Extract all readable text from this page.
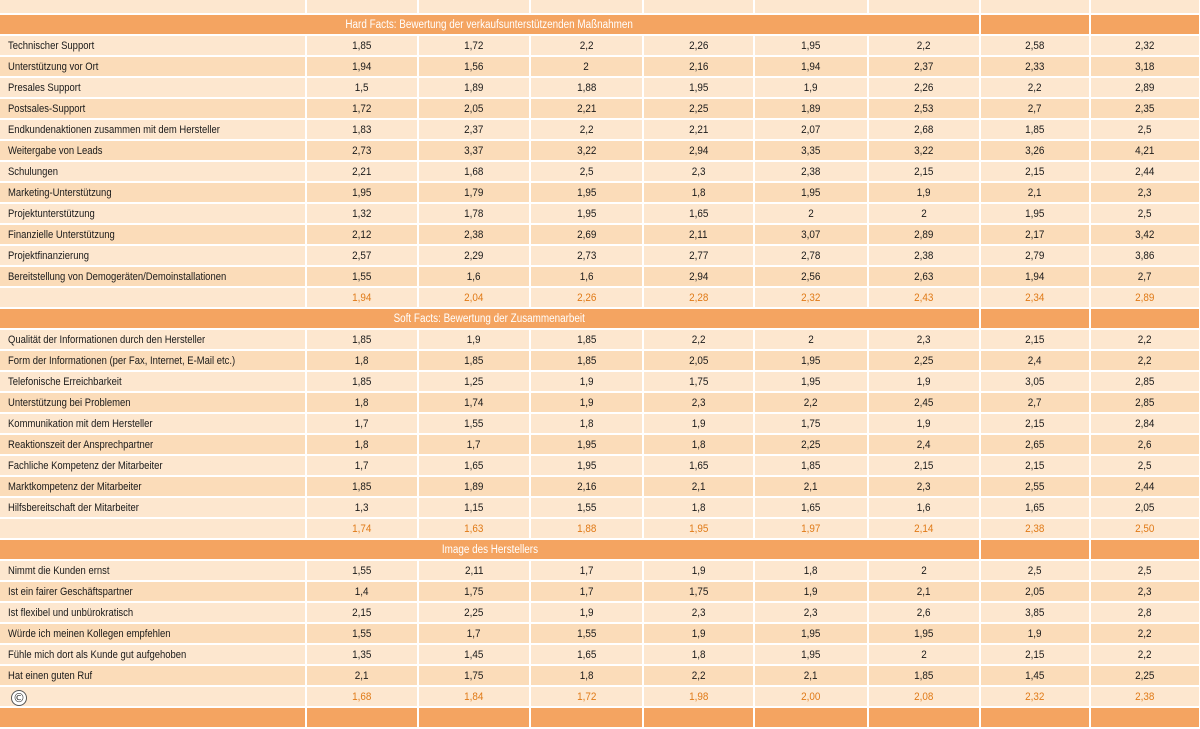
Hard Facts: Bewertung der verkaufsunterstützenden Maßnahmen								
Technischer Support	1,85	1,72	2,2	2,26	1,95	2,2	2,58	2,32
Unterstützung vor Ort	1,94	1,56	2	2,16	1,94	2,37	2,33	3,18
Presales Support	1,5	1,89	1,88	1,95	1,9	2,26	2,2	2,89
Postsales-Support	1,72	2,05	2,21	2,25	1,89	2,53	2,7	2,35
Endkundenaktionen zusammen mit dem Hersteller	1,83	2,37	2,2	2,21	2,07	2,68	1,85	2,5
Weitergabe von Leads	2,73	3,37	3,22	2,94	3,35	3,22	3,26	4,21
Schulungen	2,21	1,68	2,5	2,3	2,38	2,15	2,15	2,44
Marketing-Unterstützung	1,95	1,79	1,95	1,8	1,95	1,9	2,1	2,3
Projektunterstützung	1,32	1,78	1,95	1,65	2	2	1,95	2,5
Finanzielle Unterstützung	2,12	2,38	2,69	2,11	3,07	2,89	2,17	3,42
Projektfinanzierung	2,57	2,29	2,73	2,77	2,78	2,38	2,79	3,86
Bereitstellung von Demogeräten/Demoinstallationen	1,55	1,6	1,6	2,94	2,56	2,63	1,94	2,7
	1,94	2,04	2,26	2,28	2,32	2,43	2,34	2,89
Soft Facts: Bewertung der Zusammenarbeit								
Qualität der Informationen durch den Hersteller	1,85	1,9	1,85	2,2	2	2,3	2,15	2,2
Form der Informationen (per Fax, Internet, E-Mail etc.)	1,8	1,85	1,85	2,05	1,95	2,25	2,4	2,2
Telefonische Erreichbarkeit	1,85	1,25	1,9	1,75	1,95	1,9	3,05	2,85
Unterstützung bei Problemen	1,8	1,74	1,9	2,3	2,2	2,45	2,7	2,85
Kommunikation mit dem Hersteller	1,7	1,55	1,8	1,9	1,75	1,9	2,15	2,84
Reaktionszeit der Ansprechpartner	1,8	1,7	1,95	1,8	2,25	2,4	2,65	2,6
Fachliche Kompetenz der Mitarbeiter	1,7	1,65	1,95	1,65	1,85	2,15	2,15	2,5
Marktkompetenz der Mitarbeiter	1,85	1,89	2,16	2,1	2,1	2,3	2,55	2,44
Hilfsbereitschaft der Mitarbeiter	1,3	1,15	1,55	1,8	1,65	1,6	1,65	2,05
	1,74	1,63	1,88	1,95	1,97	2,14	2,38	2,50
Image des Herstellers								
Nimmt die Kunden ernst	1,55	2,11	1,7	1,9	1,8	2	2,5	2,5
Ist ein fairer Geschäftspartner	1,4	1,75	1,7	1,75	1,9	2,1	2,05	2,3
Ist flexibel und unbürokratisch	2,15	2,25	1,9	2,3	2,3	2,6	3,85	2,8
Würde ich meinen Kollegen empfehlen	1,55	1,7	1,55	1,9	1,95	1,95	1,9	2,2
Fühle mich dort als Kunde gut aufgehoben	1,35	1,45	1,65	1,8	1,95	2	2,15	2,2
Hat einen guten Ruf	2,1	1,75	1,8	2,2	2,1	1,85	1,45	2,25
	1,68	1,84	1,72	1,98	2,00	2,08	2,32	2,38

©
